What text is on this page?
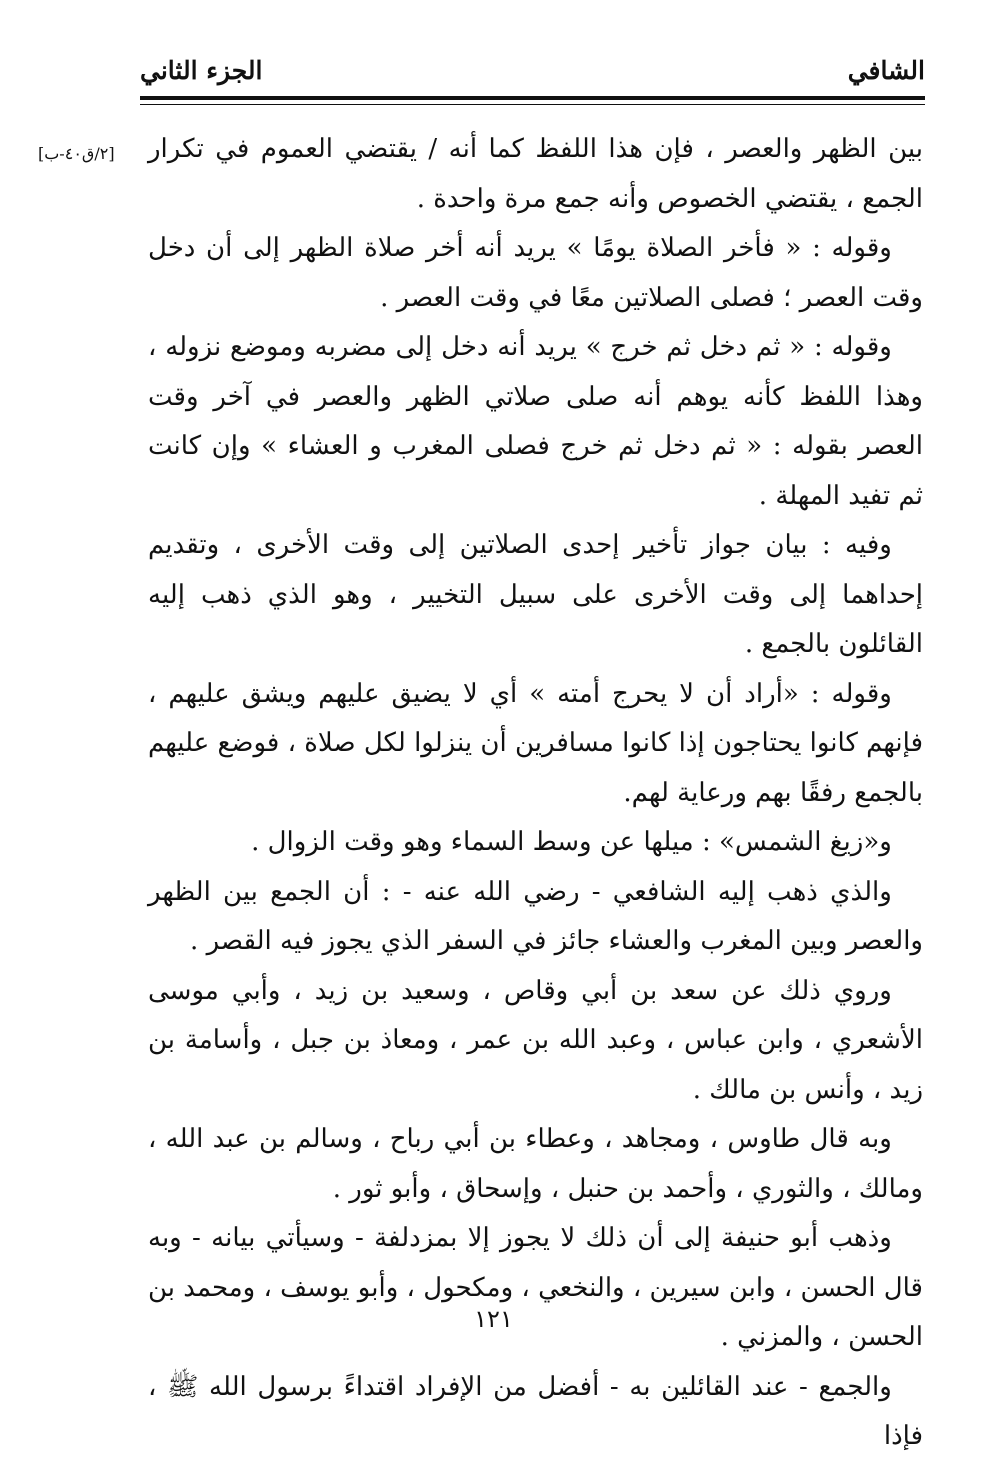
الشافي
الجزء الثاني
[٢/ق٤٠-ب] بين الظهر والعصر ، فإن هذا اللفظ كما أنه / يقتضي العموم في تكرار الجمع ، يقتضي الخصوص وأنه جمع مرة واحدة .

وقوله : « فأخر الصلاة يومًا » يريد أنه أخر صلاة الظهر إلى أن دخل وقت العصر ؛ فصلى الصلاتين معًا في وقت العصر .

وقوله : « ثم دخل ثم خرج » يريد أنه دخل إلى مضربه وموضع نزوله ، وهذا اللفظ كأنه يوهم أنه صلى صلاتي الظهر والعصر في آخر وقت العصر بقوله : « ثم دخل ثم خرج فصلى المغرب و العشاء » وإن كانت ثم تفيد المهلة .

وفيه : بيان جواز تأخير إحدى الصلاتين إلى وقت الأخرى ، وتقديم إحداهما إلى وقت الأخرى على سبيل التخيير ، وهو الذي ذهب إليه القائلون بالجمع .

وقوله : «أراد أن لا يحرج أمته » أي لا يضيق عليهم ويشق عليهم ، فإنهم كانوا يحتاجون إذا كانوا مسافرين أن ينزلوا لكل صلاة ، فوضع عليهم بالجمع رفقًا بهم ورعاية لهم.

و«زيغ الشمس» : ميلها عن وسط السماء وهو وقت الزوال .

والذي ذهب إليه الشافعي - رضي الله عنه - : أن الجمع بين الظهر والعصر وبين المغرب والعشاء جائز في السفر الذي يجوز فيه القصر .

وروي ذلك عن سعد بن أبي وقاص ، وسعيد بن زيد ، وأبي موسى الأشعري ، وابن عباس ، وعبد الله بن عمر ، ومعاذ بن جبل ، وأسامة بن زيد ، وأنس بن مالك .

وبه قال طاوس ، ومجاهد ، وعطاء بن أبي رباح ، وسالم بن عبد الله ، ومالك ، والثوري ، وأحمد بن حنبل ، وإسحاق ، وأبو ثور .

وذهب أبو حنيفة إلى أن ذلك لا يجوز إلا بمزدلفة - وسيأتي بيانه - وبه قال الحسن ، وابن سيرين ، والنخعي ، ومكحول ، وأبو يوسف ، ومحمد بن الحسن ، والمزني .

والجمع - عند القائلين به - أفضل من الإفراد اقتداءً برسول الله ﷺ ، فإذا

١٢١
